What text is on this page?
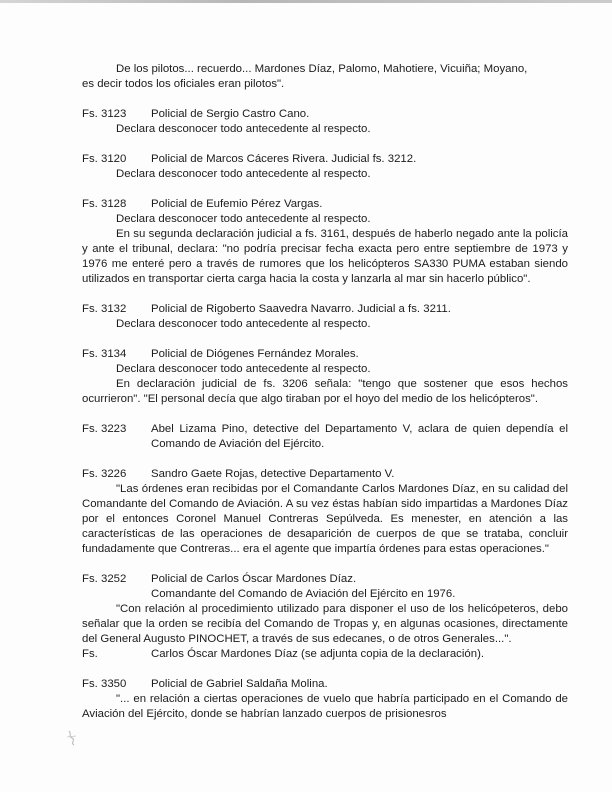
De los pilotos... recuerdo... Mardones Díaz, Palomo, Mahotiere, Vicuiña; Moyano,

es decir todos los oficiales eran pilotos".

Fs. 3123	Policial de Sergio Castro Cano.

Declara desconocer todo antecedente al respecto.

Fs. 3120	Policial de Marcos Cáceres Rivera. Judicial fs. 3212.

Declara desconocer todo antecedente al respecto.

Fs. 3128	Policial de Eufemio Pérez Vargas.

Declara desconocer todo antecedente al respecto.

En su segunda declaración judicial a fs. 3161, después de haberlo negado ante la policía y ante el tribunal, declara: "no podría precisar fecha exacta pero entre septiembre de 1973 y 1976 me enteré pero a través de rumores que los helicópteros SA330 PUMA estaban siendo utilizados en transportar cierta carga hacia la costa y lanzarla al mar sin hacerlo público".

Fs. 3132	Policial de Rigoberto Saavedra Navarro. Judicial a fs. 3211.

Declara desconocer todo antecedente al respecto.

Fs. 3134	Policial de Diógenes Fernández Morales.

Declara desconocer todo antecedente al respecto.

En declaración judicial de fs. 3206 señala: "tengo que sostener que esos hechos ocurrieron". "El personal decía que algo tiraban por el hoyo del medio de los helicópteros".

Fs. 3223	Abel Lizama Pino, detective del Departamento V, aclara de quien dependía el Comando de Aviación del Ejército.
Fs. 3226	Sandro Gaete Rojas, detective Departamento V.

"Las órdenes eran recibidas por el Comandante Carlos Mardones Díaz, en su calidad del Comandante del Comando de Aviación. A su vez éstas habían sido impartidas a Mardones Díaz por el entonces Coronel Manuel Contreras Sepúlveda. Es menester, en atención a las características de las operaciones de desaparición de cuerpos de que se trataba, concluir fundadamente que Contreras... era el agente que impartía órdenes para estas operaciones."

Fs. 3252	Policial de Carlos Óscar Mardones Díaz.

Comandante del Comando de Aviación del Ejército en 1976.

"Con relación al procedimiento utilizado para disponer el uso de los helicópeteros, debo señalar que la orden se recibía del Comando de Tropas y, en algunas ocasiones, directamente del General Augusto PINOCHET, a través de sus edecanes, o de otros Generales...".

Fs.	Carlos Óscar Mardones Díaz (se adjunta copia de la declaración).
Fs. 3350	Policial de Gabriel Saldaña Molina.

"... en relación a ciertas operaciones de vuelo que habría participado en el Comando de Aviación del Ejército, donde se habrían lanzado cuerpos de prisionesros
